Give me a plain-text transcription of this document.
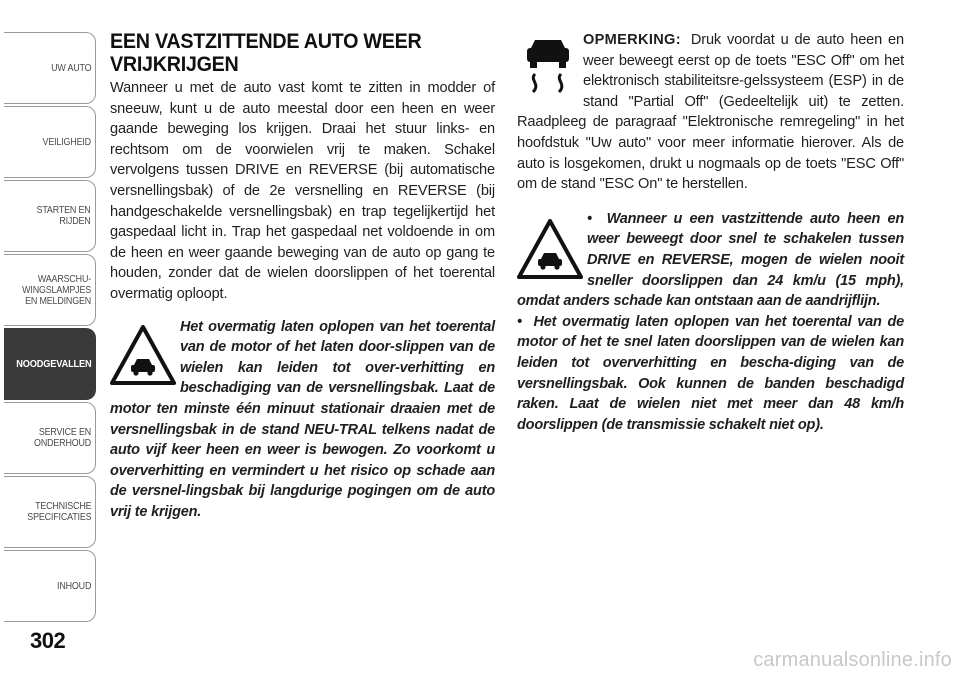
UW AUTO
VEILIGHEID
STARTEN EN
RIJDEN
WAARSCHU-
WINGSLAMPJES
EN MELDINGEN
NOODGEVALLEN
SERVICE EN
ONDERHOUD
TECHNISCHE
SPECIFICATIES
INHOUD
302
EEN VASTZITTENDE AUTO WEER VRIJKRIJGEN

Wanneer u met de auto vast komt te zitten in modder of sneeuw, kunt u de auto meestal door een heen en weer gaande beweging los krijgen. Draai het stuur links- en rechtsom om de voorwielen vrij te maken. Schakel vervolgens tussen DRIVE en REVERSE (bij automatische versnellingsbak) of de 2e versnelling en REVERSE (bij handgeschakelde versnellingsbak) en trap tegelijkertijd het gaspedaal licht in. Trap het gaspedaal net voldoende in om de heen en weer gaande beweging van de auto op gang te houden, zonder dat de wielen doorslippen of het toerental overmatig oploopt.

Het overmatig laten oplopen van het toerental van de motor of het laten door-slippen van de wielen kan leiden tot over-verhitting en beschadiging van de versnellingsbak. Laat de motor ten minste één minuut stationair draaien met de versnellingsbak in de stand NEU-TRAL telkens nadat de auto vijf keer heen en weer is bewogen. Zo voorkomt u oververhitting en vermindert u het risico op schade aan de versnel-lingsbak bij langdurige pogingen om de auto vrij te krijgen.
OPMERKING: Druk voordat u de auto heen en weer beweegt eerst op de toets "ESC Off" om het elektronisch stabiliteitsre-gelssysteem (ESP) in de stand "Partial Off" (Gedeeltelijk uit) te zetten. Raadpleeg de paragraaf "Elektronische remregeling" in het hoofdstuk "Uw auto" voor meer informatie hierover. Als de auto is losgekomen, drukt u nogmaals op de toets "ESC Off" om de stand "ESC On" te herstellen.
•  Wanneer u een vastzittende auto heen en weer beweegt door snel te schakelen tussen DRIVE en REVERSE, mogen de wielen nooit sneller doorslippen dan 24 km/u (15 mph), omdat anders schade kan ontstaan aan de aandrijflijn.
•  Het overmatig laten oplopen van het toerental van de motor of het te snel laten doorslippen van de wielen kan leiden tot oververhitting en bescha-diging van de versnellingsbak. Ook kunnen de banden beschadigd raken. Laat de wielen niet met meer dan 48 km/h doorslippen (de transmissie schakelt niet op).
carmanualsonline.info
